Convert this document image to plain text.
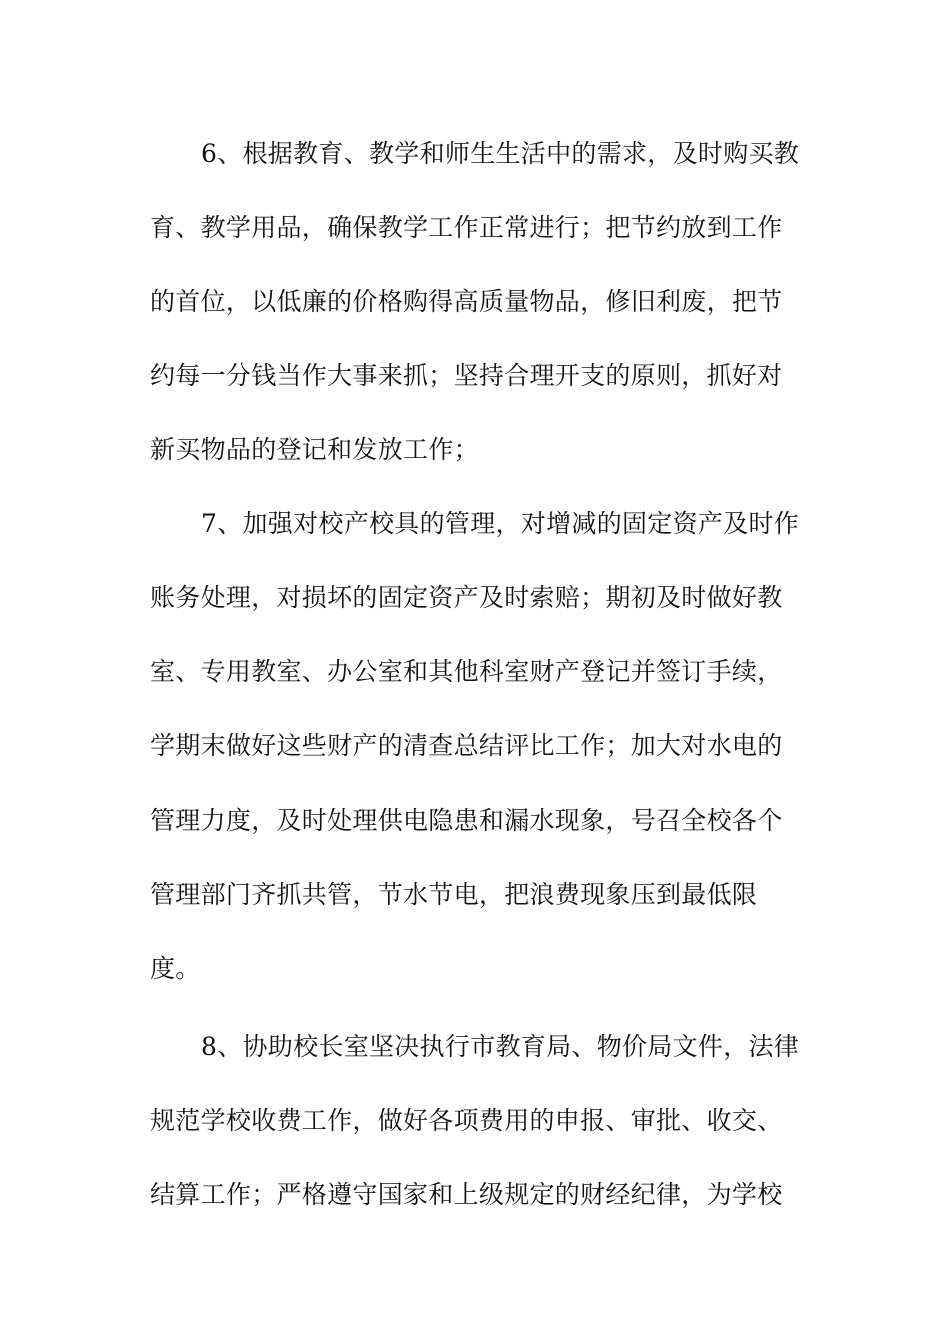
6、根据教育、教学和师生生活中的需求，及时购买教
育、教学用品，确保教学工作正常进行；把节约放到工作
的首位，以低廉的价格购得高质量物品，修旧利废，把节
约每一分钱当作大事来抓；坚持合理开支的原则，抓好对
新买物品的登记和发放工作；
7、加强对校产校具的管理，对增减的固定资产及时作
账务处理，对损坏的固定资产及时索赔；期初及时做好教
室、专用教室、办公室和其他科室财产登记并签订手续，
学期末做好这些财产的清查总结评比工作；加大对水电的
管理力度，及时处理供电隐患和漏水现象，号召全校各个
管理部门齐抓共管，节水节电，把浪费现象压到最低限
度。
8、协助校长室坚决执行市教育局、物价局文件，法律
规范学校收费工作，做好各项费用的申报、审批、收交、
结算工作；严格遵守国家和上级规定的财经纪律，为学校
